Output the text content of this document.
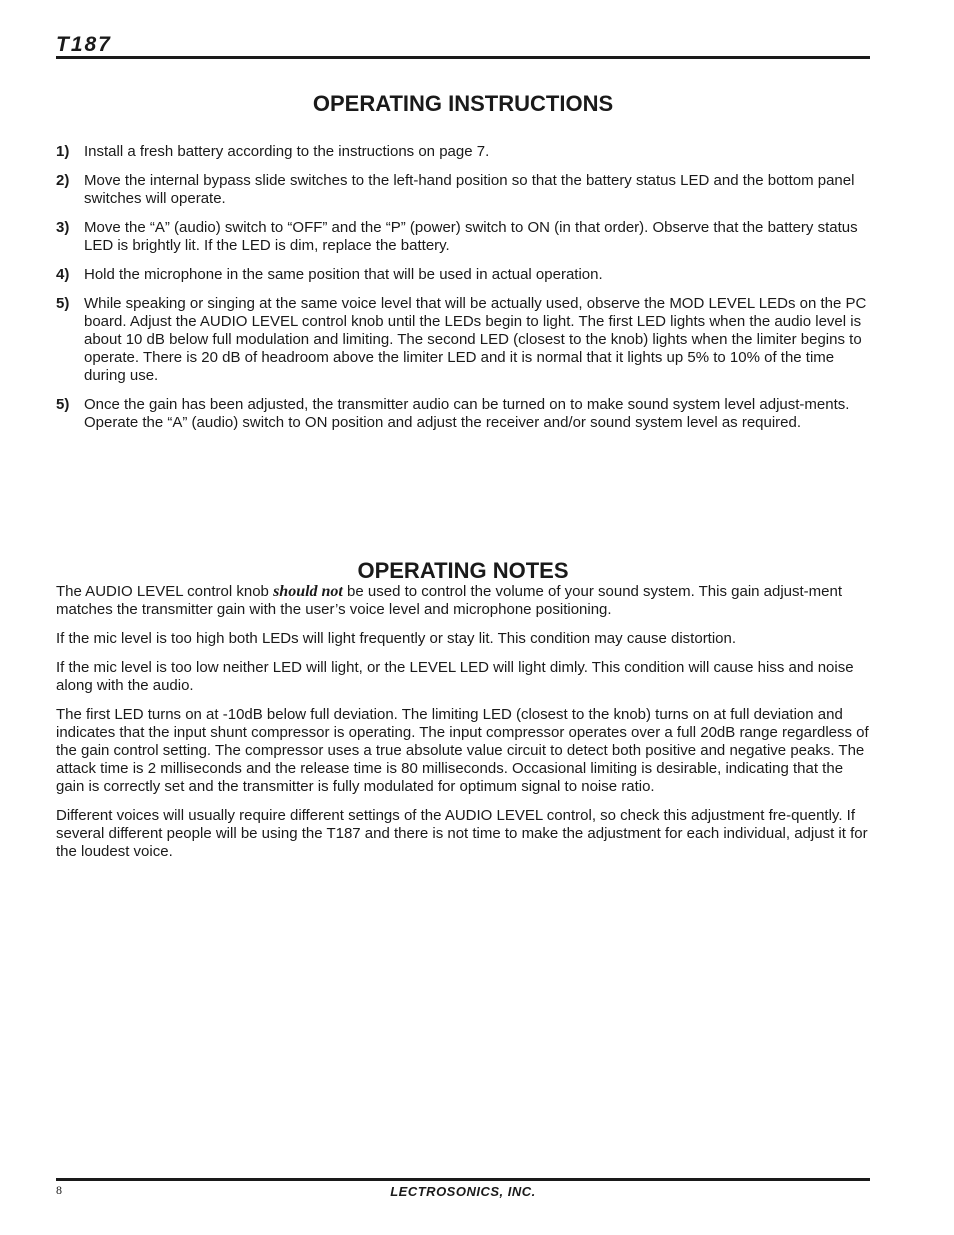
T187
OPERATING INSTRUCTIONS
1) Install a fresh battery according to the instructions on page 7.
2) Move the internal bypass slide switches to the left-hand position so that the battery status LED and the bottom panel switches will operate.
3) Move the “A” (audio) switch to “OFF” and the “P” (power) switch to ON (in that order). Observe that the battery status LED is brightly lit. If the LED is dim, replace the battery.
4) Hold the microphone in the same position that will be used in actual operation.
5) While speaking or singing at the same voice level that will be actually used, observe the MOD LEVEL LEDs on the PC board. Adjust the AUDIO LEVEL control knob until the LEDs begin to light. The first LED lights when the audio level is about 10 dB below full modulation and limiting. The second LED (closest to the knob) lights when the limiter begins to operate. There is 20 dB of headroom above the limiter LED and it is normal that it lights up 5% to 10% of the time during use.
5) Once the gain has been adjusted, the transmitter audio can be turned on to make sound system level adjust-ments. Operate the “A” (audio) switch to ON position and adjust the receiver and/or sound system level as required.
OPERATING NOTES

The AUDIO LEVEL control knob should not be used to control the volume of your sound system. This gain adjust-ment matches the transmitter gain with the user’s voice level and microphone positioning.

If the mic level is too high both LEDs will light frequently or stay lit. This condition may cause distortion.

If the mic level is too low neither LED will light, or the LEVEL LED will light dimly. This condition will cause hiss and noise along with the audio.

The first LED turns on at -10dB below full deviation. The limiting LED (closest to the knob) turns on at full deviation and indicates that the input shunt compressor is operating. The input compressor operates over a full 20dB range regardless of the gain control setting. The compressor uses a true absolute value circuit to detect both positive and negative peaks. The attack time is 2 milliseconds and the release time is 80 milliseconds. Occasional limiting is desirable, indicating that the gain is correctly set and the transmitter is fully modulated for optimum signal to noise ratio.

Different voices will usually require different settings of the AUDIO LEVEL control, so check this adjustment fre-quently. If several different people will be using the T187 and there is not time to make the adjustment for each individual, adjust it for the loudest voice.

8	LECTROSONICS, INC.
